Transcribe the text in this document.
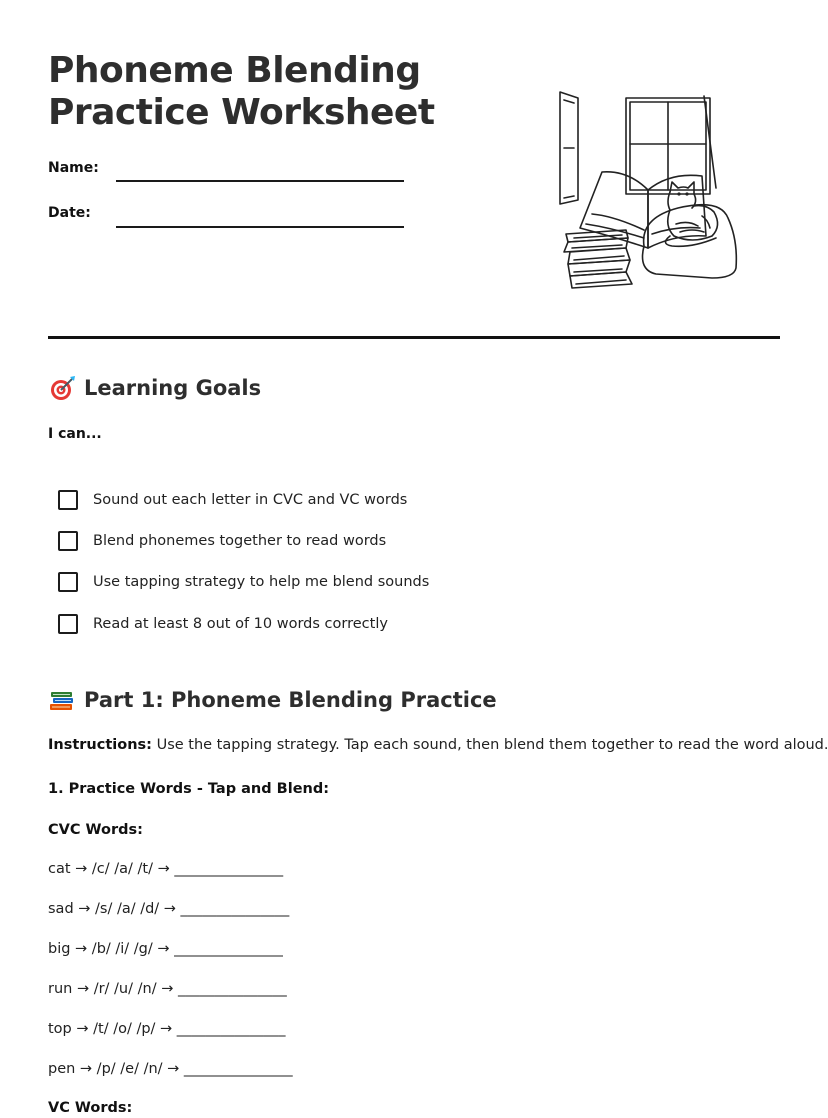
Phoneme Blending
Practice Worksheet
Name:
Date:
Learning Goals
I can...
Sound out each letter in CVC and VC words
Blend phonemes together to read words
Use tapping strategy to help me blend sounds
Read at least 8 out of 10 words correctly
Part 1: Phoneme Blending Practice
Instructions: Use the tapping strategy. Tap each sound, then blend them together to read the word aloud.
1. Practice Words - Tap and Blend:
CVC Words:
cat → /c/ /a/ /t/ → _______________
sad → /s/ /a/ /d/ → _______________
big → /b/ /i/ /g/ → _______________
run → /r/ /u/ /n/ → _______________
top → /t/ /o/ /p/ → _______________
pen → /p/ /e/ /n/ → _______________
VC Words:
